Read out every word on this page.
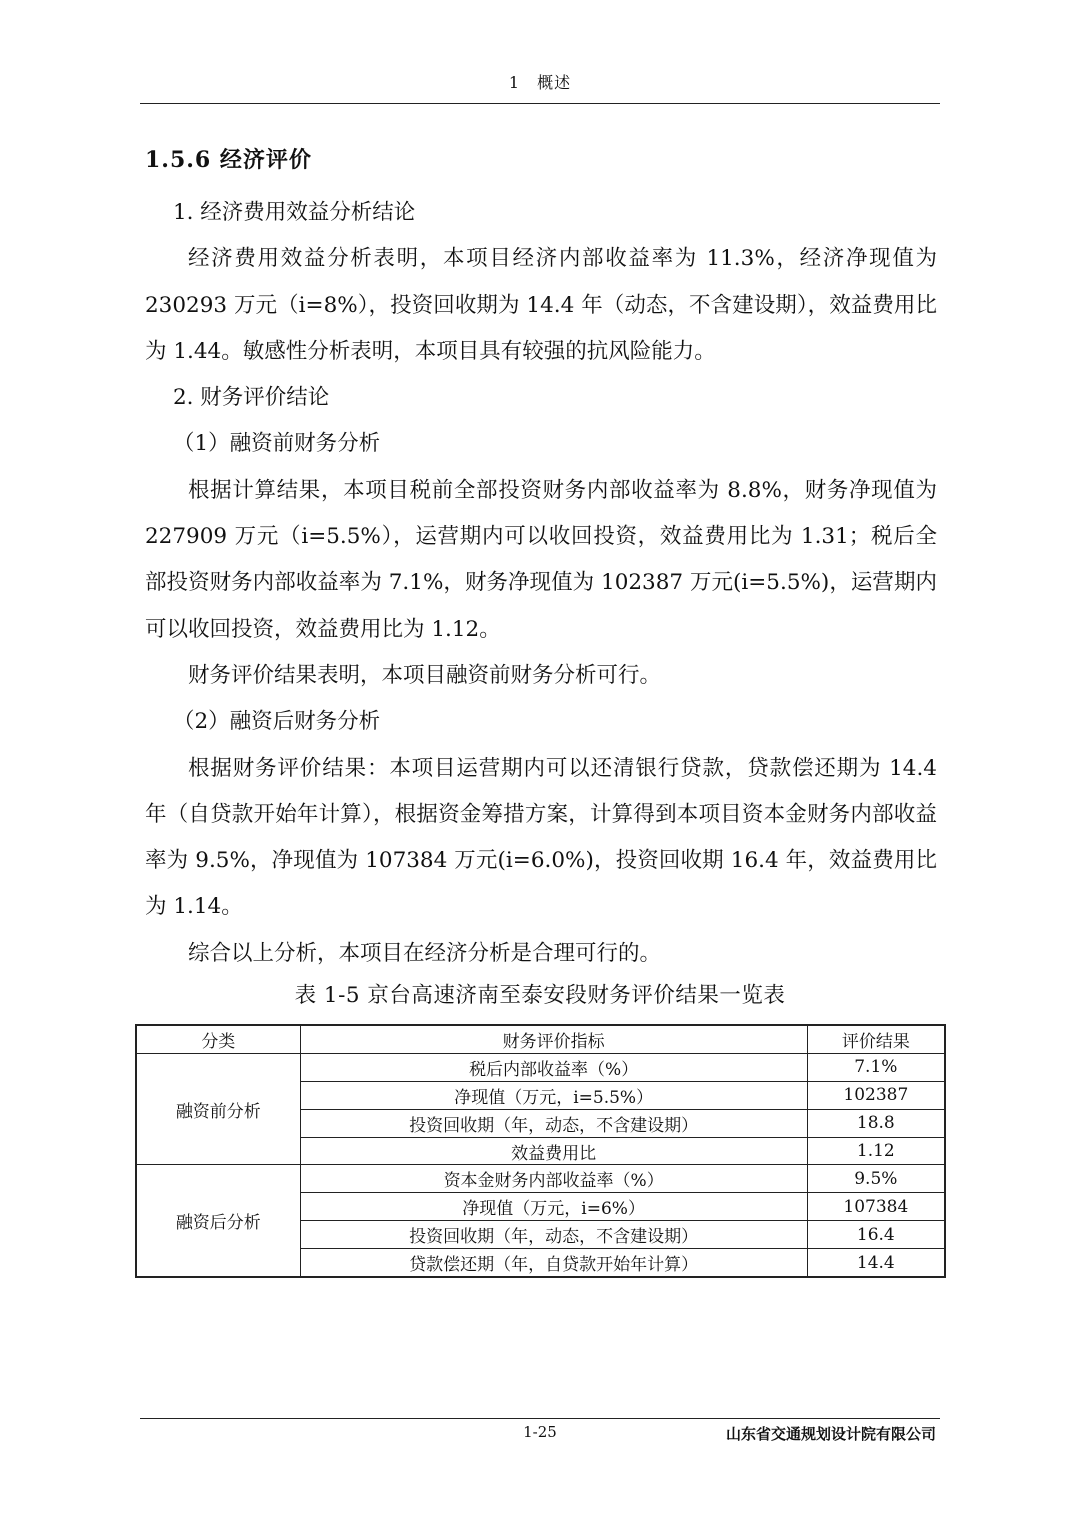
1　概述
1.5.6 经济评价

1. 经济费用效益分析结论

经济费用效益分析表明，本项目经济内部收益率为 11.3%，经济净现值为 230293 万元（i=8%），投资回收期为 14.4 年（动态，不含建设期），效益费用比为 1.44。敏感性分析表明，本项目具有较强的抗风险能力。

2. 财务评价结论

（1）融资前财务分析

根据计算结果，本项目税前全部投资财务内部收益率为 8.8%，财务净现值为 227909 万元（i=5.5%），运营期内可以收回投资，效益费用比为 1.31；税后全部投资财务内部收益率为 7.1%，财务净现值为 102387 万元(i=5.5%)，运营期内可以收回投资，效益费用比为 1.12。

财务评价结果表明，本项目融资前财务分析可行。

（2）融资后财务分析

根据财务评价结果：本项目运营期内可以还清银行贷款，贷款偿还期为 14.4 年（自贷款开始年计算），根据资金筹措方案，计算得到本项目资本金财务内部收益率为 9.5%，净现值为 107384 万元(i=6.0%)，投资回收期 16.4 年，效益费用比为 1.14。

综合以上分析，本项目在经济分析是合理可行的。

表 1-5 京台高速济南至泰安段财务评价结果一览表
分类	财务评价指标	评价结果
融资前分析	税后内部收益率（%）	7.1%
	净现值（万元，i=5.5%）	102387
	投资回收期（年，动态，不含建设期）	18.8
	效益费用比	1.12
融资后分析	资本金财务内部收益率（%）	9.5%
	净现值（万元，i=6%）	107384
	投资回收期（年，动态，不含建设期）	16.4
	贷款偿还期（年，自贷款开始年计算）	14.4
1-25	山东省交通规划设计院有限公司
